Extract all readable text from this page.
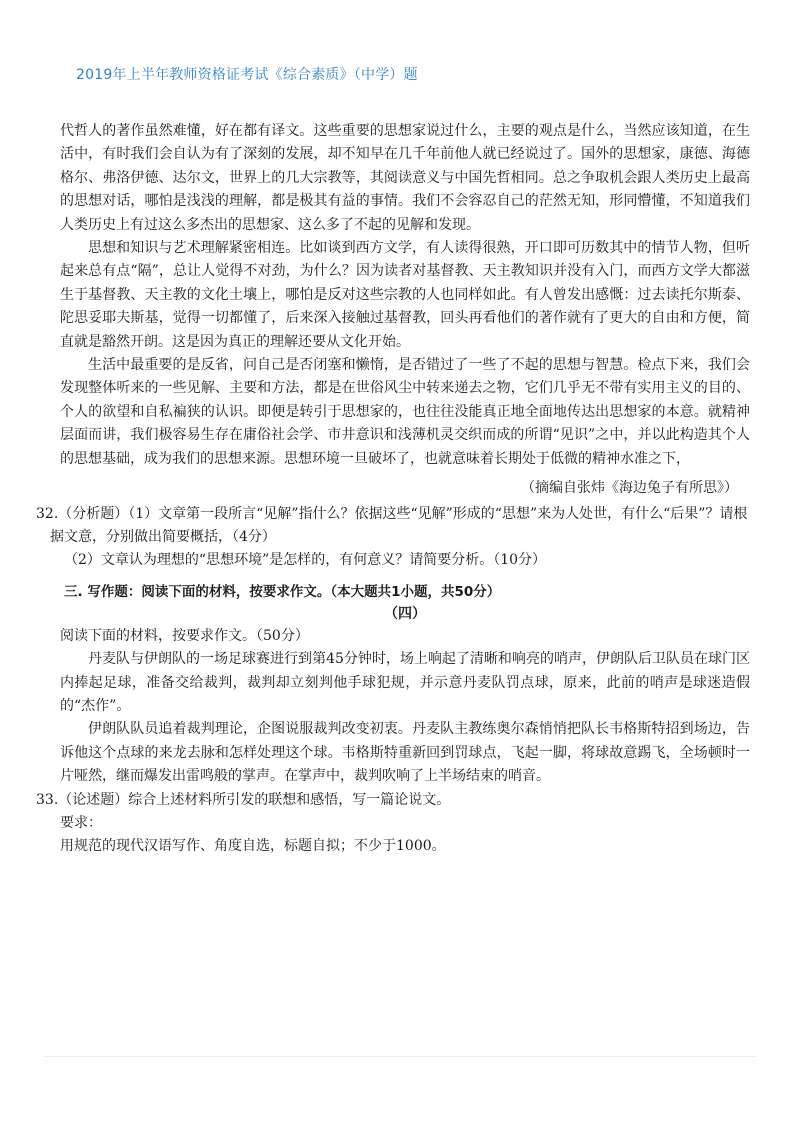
2019年上半年教师资格证考试《综合素质》（中学）题

代哲人的著作虽然难懂，好在都有译文。这些重要的思想家说过什么，主要的观点是什么，当然应该知道，在生活中，有时我们会自认为有了深刻的发展，却不知早在几千年前他人就已经说过了。国外的思想家，康德、海德格尔、弗洛伊德、达尔文，世界上的几大宗教等，其阅读意义与中国先哲相同。总之争取机会跟人类历史上最高的思想对话，哪怕是浅浅的理解，都是极其有益的事情。我们不会容忍自己的茫然无知，形同懵懂，不知道我们人类历史上有过这么多杰出的思想家、这么多了不起的见解和发现。

思想和知识与艺术理解紧密相连。比如谈到西方文学，有人读得很熟，开口即可历数其中的情节人物，但听起来总有点“隔”，总让人觉得不对劲，为什么？因为读者对基督教、天主教知识并没有入门，而西方文学大都滋生于基督教、天主教的文化土壤上，哪怕是反对这些宗教的人也同样如此。有人曾发出感慨：过去读托尔斯泰、陀思妥耶夫斯基，觉得一切都懂了，后来深入接触过基督教，回头再看他们的著作就有了更大的自由和方便，简直就是豁然开朗。这是因为真正的理解还要从文化开始。

生活中最重要的是反省，问自己是否闭塞和懒惰，是否错过了一些了不起的思想与智慧。检点下来，我们会发现整体听来的一些见解、主要和方法，都是在世俗风尘中转来递去之物，它们几乎无不带有实用主义的目的、个人的欲望和自私褊狭的认识。即便是转引于思想家的，也往往没能真正地全面地传达出思想家的本意。就精神层面而讲，我们极容易生存在庸俗社会学、市井意识和浅薄机灵交织而成的所谓“见识”之中，并以此构造其个人的思想基础，成为我们的思想来源。思想环境一旦破坏了，也就意味着长期处于低微的精神水准之下，

（摘编自张炜《海边兔子有所思》）

32.（分析题）（1）文章第一段所言“见解”指什么？依据这些“见解”形成的“思想”来为人处世，有什么“后果”？请根据文意，分别做出简要概括，（4分）

（2）文章认为理想的“思想环境”是怎样的，有何意义？请简要分析。（10分）

三. 写作题：阅读下面的材料，按要求作文。（本大题共1小题，共50分）
（四）

阅读下面的材料，按要求作文。（50分）

丹麦队与伊朗队的一场足球赛进行到第45分钟时，场上响起了清晰和响亮的哨声，伊朗队后卫队员在球门区内捧起足球，准备交给裁判，裁判却立刻判他手球犯规，并示意丹麦队罚点球，原来，此前的哨声是球迷造假的“杰作”。

伊朗队队员追着裁判理论，企图说服裁判改变初衷。丹麦队主教练奥尔森悄悄把队长韦格斯特招到场边，告诉他这个点球的来龙去脉和怎样处理这个球。韦格斯特重新回到罚球点，飞起一脚，将球故意踢飞，全场顿时一片哑然，继而爆发出雷鸣般的掌声。在掌声中，裁判吹响了上半场结束的哨音。

33.（论述题）综合上述材料所引发的联想和感悟，写一篇论说文。

要求：

用规范的现代汉语写作、角度自选，标题自拟；不少于1000。
